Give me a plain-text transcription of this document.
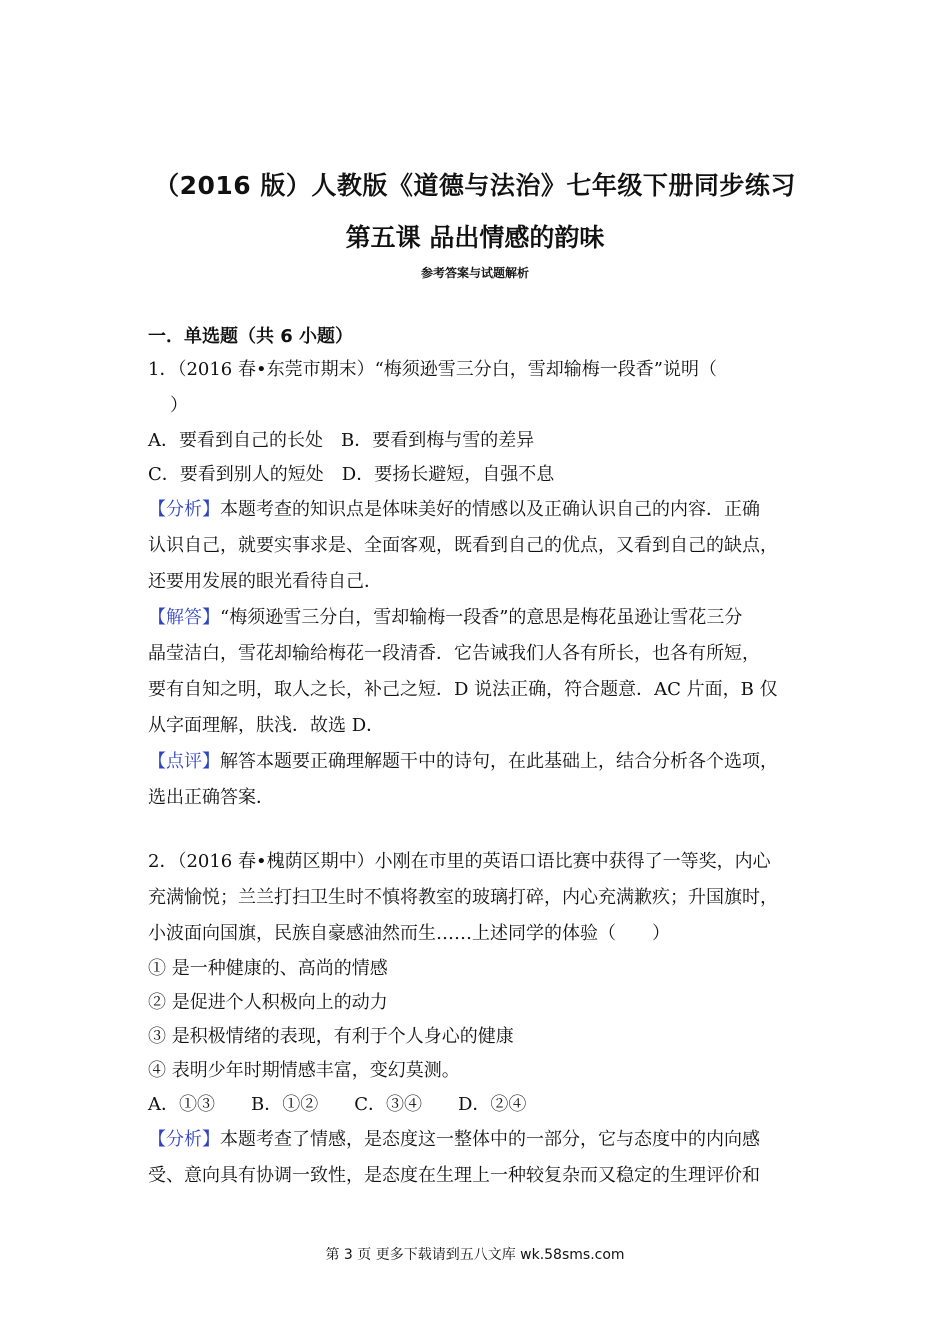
（2016 版）人教版《道德与法治》七年级下册同步练习
第五课 品出情感的韵味
参考答案与试题解析
一．单选题（共 6 小题）
1．（2016 春•东莞市期末）“梅须逊雪三分白，雪却输梅一段香”说明（
）
A．要看到自己的长处　B．要看到梅与雪的差异
C．要看到别人的短处　D．要扬长避短，自强不息
【分析】本题考查的知识点是体味美好的情感以及正确认识自己的内容．正确
认识自己，就要实事求是、全面客观，既看到自己的优点，又看到自己的缺点，
还要用发展的眼光看待自己．
【解答】“梅须逊雪三分白，雪却输梅一段香”的意思是梅花虽逊让雪花三分
晶莹洁白，雪花却输给梅花一段清香．它告诫我们人各有所长，也各有所短，
要有自知之明，取人之长，补己之短．D 说法正确，符合题意．AC 片面，B 仅
从字面理解，肤浅．故选 D．
【点评】解答本题要正确理解题干中的诗句，在此基础上，结合分析各个选项，
选出正确答案．
2．（2016 春•槐荫区期中）小刚在市里的英语口语比赛中获得了一等奖，内心
充满愉悦；兰兰打扫卫生时不慎将教室的玻璃打碎，内心充满歉疚；升国旗时，
小波面向国旗，民族自豪感油然而生……上述同学的体验（　　）
① 是一种健康的、高尚的情感
② 是促进个人积极向上的动力
③ 是积极情绪的表现，有利于个人身心的健康
④ 表明少年时期情感丰富，变幻莫测。
A．①③　　B．①②　　C．③④　　D．②④
【分析】本题考查了情感，是态度这一整体中的一部分，它与态度中的内向感
受、意向具有协调一致性，是态度在生理上一种较复杂而又稳定的生理评价和
第 3 页 更多下载请到五八文库 wk.58sms.com
